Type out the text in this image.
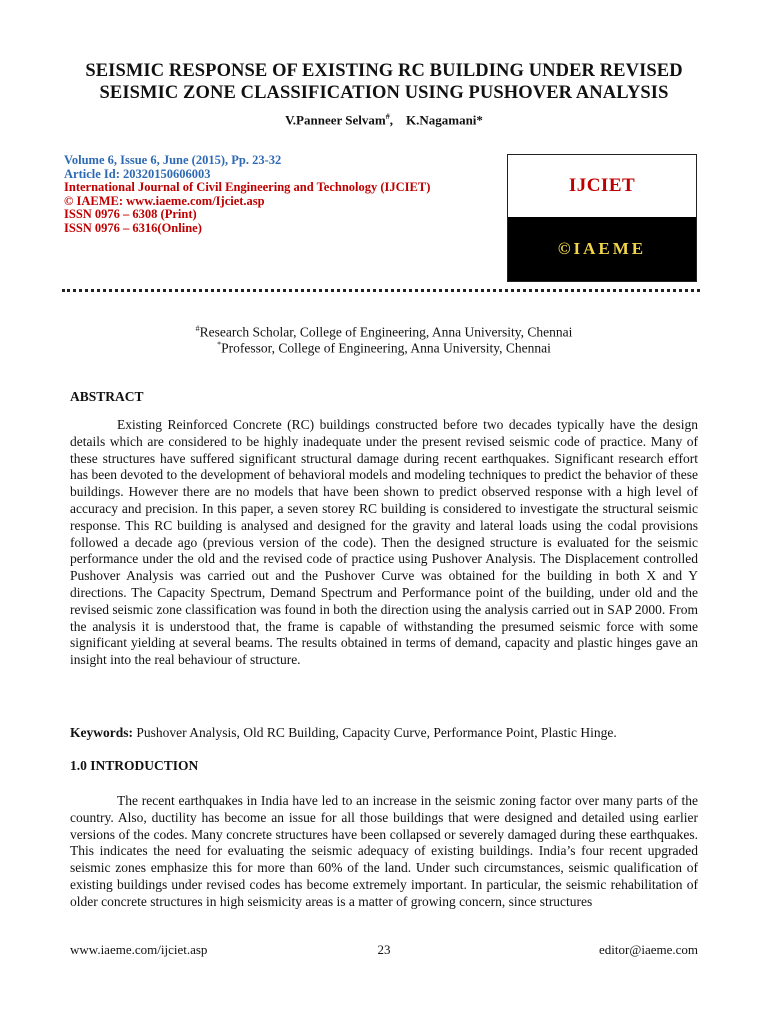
SEISMIC RESPONSE OF EXISTING RC BUILDING UNDER REVISED
SEISMIC ZONE CLASSIFICATION USING PUSHOVER ANALYSIS
V.Panneer Selvam#, K.Nagamani*
Volume 6, Issue 6, June (2015), Pp. 23-32
Article Id: 20320150606003
International Journal of Civil Engineering and Technology (IJCIET)
© IAEME: www.iaeme.com/Ijciet.asp
ISSN 0976 – 6308 (Print)
ISSN 0976 – 6316(Online)
IJCIET
©IAEME
#Research Scholar, College of Engineering, Anna University, Chennai
*Professor, College of Engineering, Anna University, Chennai
ABSTRACT
Existing Reinforced Concrete (RC) buildings constructed before two decades typically have the design details which are considered to be highly inadequate under the present revised seismic code of practice. Many of these structures have suffered significant structural damage during recent earthquakes. Significant research effort has been devoted to the development of behavioral models and modeling techniques to predict the behavior of these buildings. However there are no models that have been shown to predict observed response with a high level of accuracy and precision. In this paper, a seven storey RC building is considered to investigate the structural seismic response. This RC building is analysed and designed for the gravity and lateral loads using the codal provisions followed a decade ago (previous version of the code). Then the designed structure is evaluated for the seismic performance under the old and the revised code of practice using Pushover Analysis. The Displacement controlled Pushover Analysis was carried out and the Pushover Curve was obtained for the building in both X and Y directions. The Capacity Spectrum, Demand Spectrum and Performance point of the building, under old and the revised seismic zone classification was found in both the direction using the analysis carried out in SAP 2000. From the analysis it is understood that, the frame is capable of withstanding the presumed seismic force with some significant yielding at several beams. The results obtained in terms of demand, capacity and plastic hinges gave an insight into the real behaviour of structure.
Keywords: Pushover Analysis, Old RC Building, Capacity Curve, Performance Point, Plastic Hinge.
1.0 INTRODUCTION
The recent earthquakes in India have led to an increase in the seismic zoning factor over many parts of the country. Also, ductility has become an issue for all those buildings that were designed and detailed using earlier versions of the codes. Many concrete structures have been collapsed or severely damaged during these earthquakes. This indicates the need for evaluating the seismic adequacy of existing buildings. India’s four recent upgraded seismic zones emphasize this for more than 60% of the land. Under such circumstances, seismic qualification of existing buildings under revised codes has become extremely important. In particular, the seismic rehabilitation of older concrete structures in high seismicity areas is a matter of growing concern, since structures
www.iaeme.com/ijciet.asp	23	editor@iaeme.com
